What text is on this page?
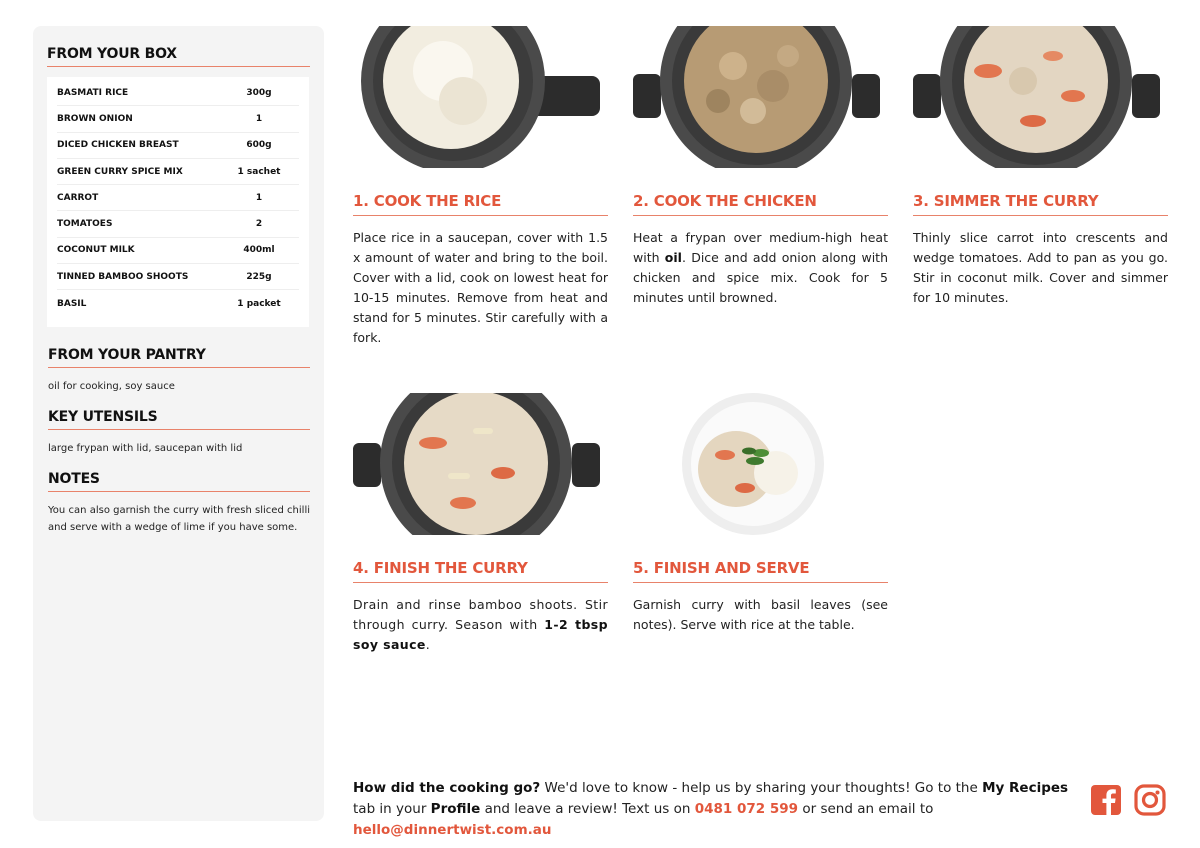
FROM YOUR BOX
BASMATI RICE	300g
BROWN ONION	1
DICED CHICKEN BREAST	600g
GREEN CURRY SPICE MIX	1 sachet
CARROT	1
TOMATOES	2
COCONUT MILK	400ml
TINNED BAMBOO SHOOTS	225g
BASIL	1 packet
FROM YOUR PANTRY
oil for cooking, soy sauce
KEY UTENSILS
large frypan with lid, saucepan with lid
NOTES
You can also garnish the curry with fresh sliced chilli and serve with a wedge of lime if you have some.
1. COOK THE RICE
Place rice in a saucepan, cover with 1.5 x amount of water and bring to the boil. Cover with a lid, cook on lowest heat for 10-15 minutes. Remove from heat and stand for 5 minutes. Stir carefully with a fork.
2. COOK THE CHICKEN
Heat a frypan over medium-high heat with oil. Dice and add onion along with chicken and spice mix. Cook for 5 minutes until browned.
3. SIMMER THE CURRY
Thinly slice carrot into crescents and wedge tomatoes. Add to pan as you go. Stir in coconut milk. Cover and simmer for 10 minutes.
4. FINISH THE CURRY
Drain and rinse bamboo shoots. Stir through curry. Season with 1-2 tbsp soy sauce.
5. FINISH AND SERVE
Garnish curry with basil leaves (see notes). Serve with rice at the table.
How did the cooking go? We'd love to know - help us by sharing your thoughts! Go to the My Recipes tab in your Profile and leave a review! Text us on 0481 072 599 or send an email to hello@dinnertwist.com.au
